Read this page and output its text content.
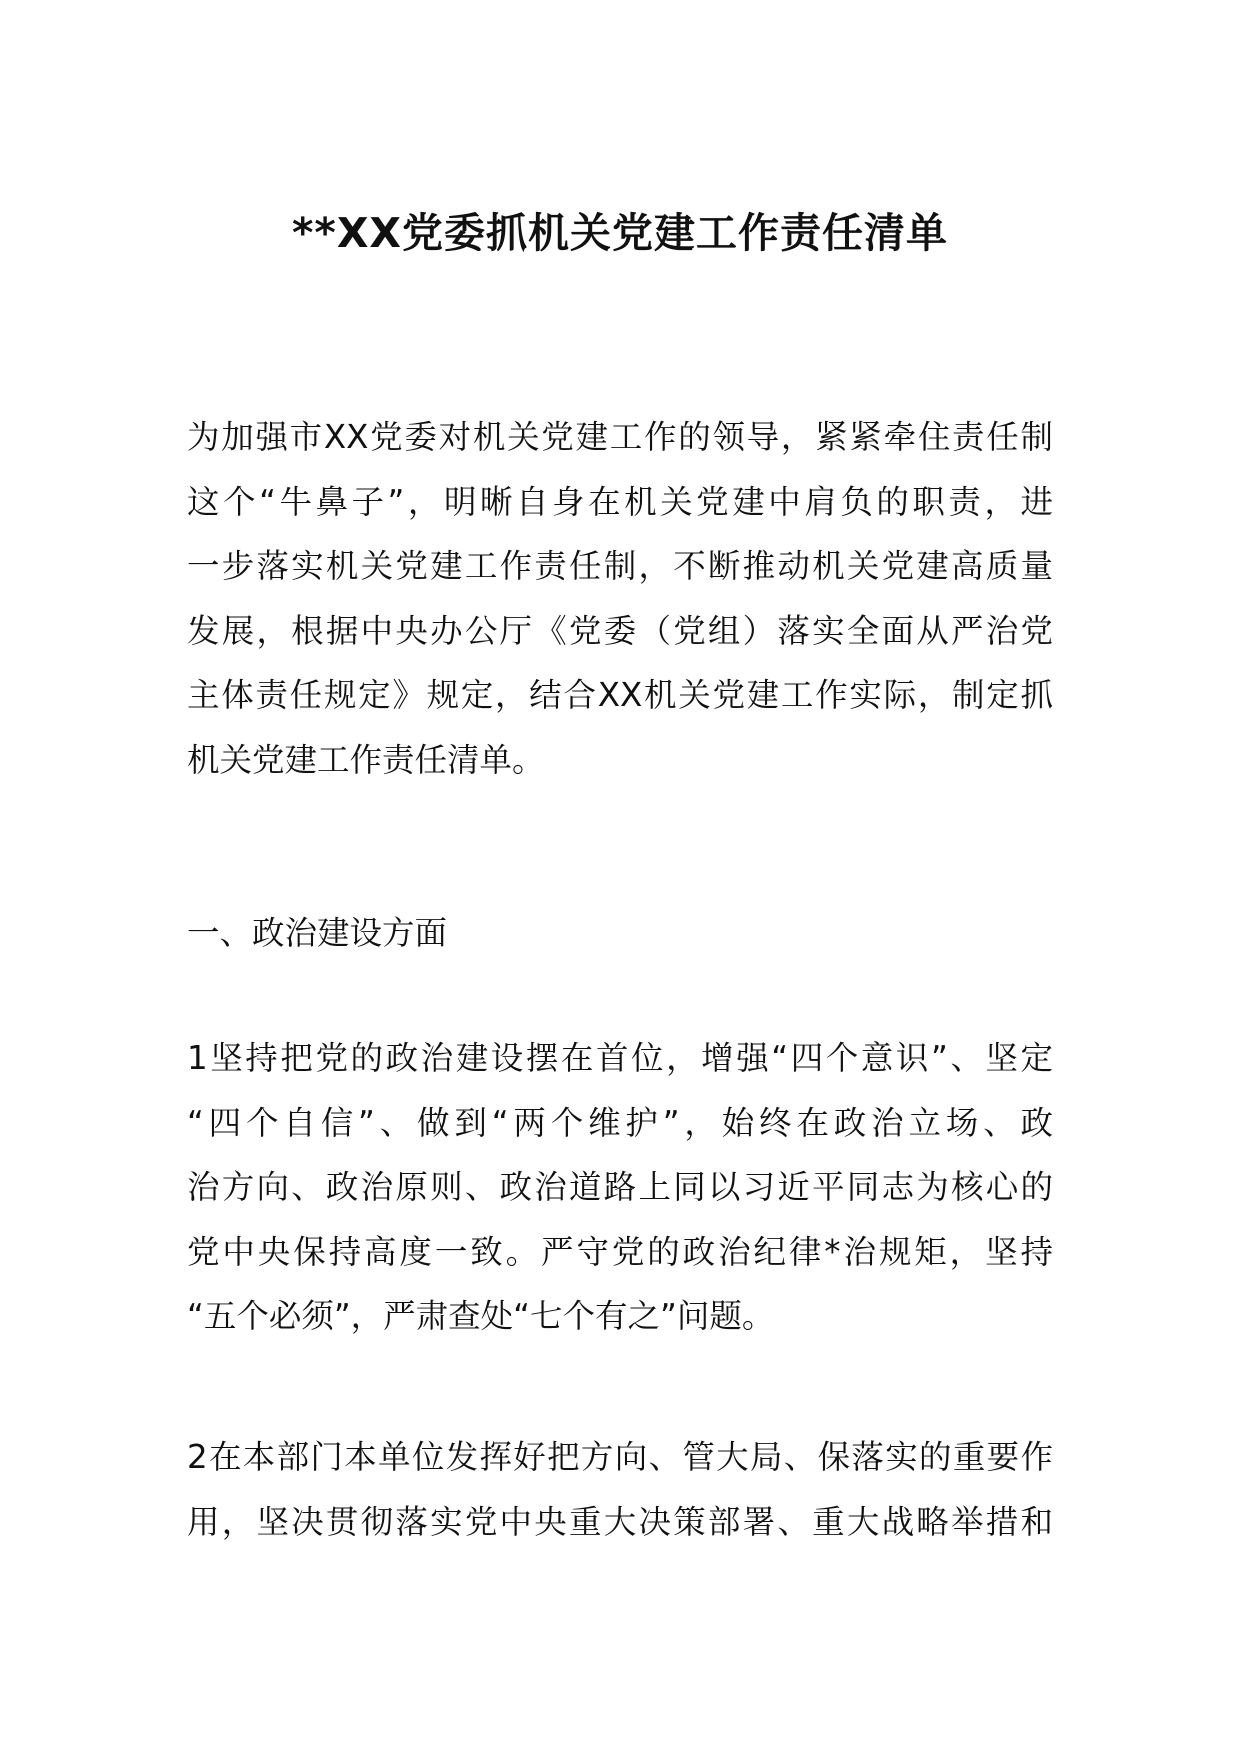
**XX党委抓机关党建工作责任清单
为加强市XX党委对机关党建工作的领导，紧紧牵住责任制
这个“牛鼻子”，明晰自身在机关党建中肩负的职责，进
一步落实机关党建工作责任制，不断推动机关党建高质量
发展，根据中央办公厅《党委（党组）落实全面从严治党
主体责任规定》规定，结合XX机关党建工作实际，制定抓
机关党建工作责任清单。
一、政治建设方面
1坚持把党的政治建设摆在首位，增强“四个意识”、坚定
“四个自信”、做到“两个维护”，始终在政治立场、政
治方向、政治原则、政治道路上同以习近平同志为核心的
党中央保持高度一致。严守党的政治纪律*治规矩，坚持
“五个必须”，严肃查处“七个有之”问题。
2在本部门本单位发挥好把方向、管大局、保落实的重要作
用，坚决贯彻落实党中央重大决策部署、重大战略举措和
